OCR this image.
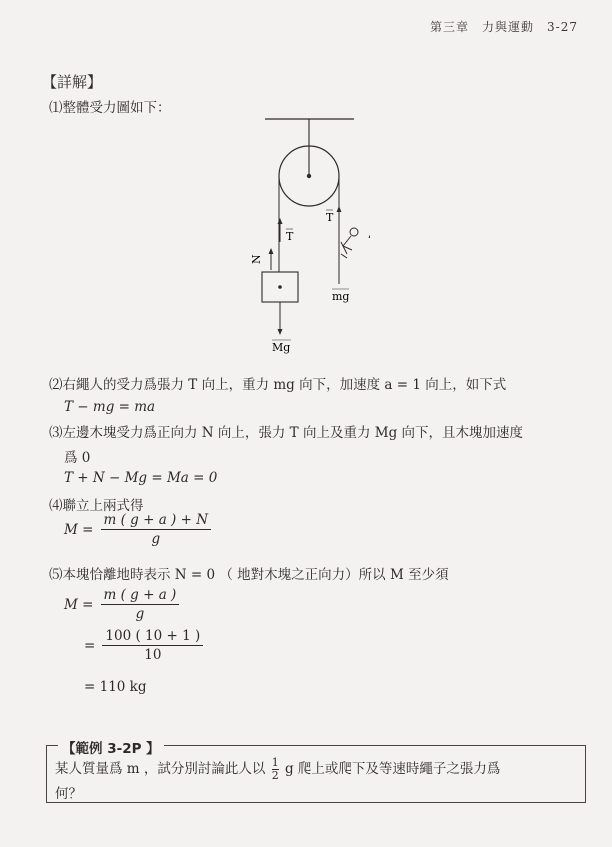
第三章　力與運動　3-27
【詳解】
⑴整體受力圖如下：
T
N
T
mg
Mg
⑵右繩人的受力爲張力 T 向上，重力 mg 向下，加速度 a = 1 向上，如下式
T − mg = ma
⑶左邊木塊受力爲正向力 N 向上，張力 T 向上及重力 Mg 向下，且木塊加速度
爲 0
T + N − Mg = Ma = 0
⑷聯立上兩式得
$M = \frac{m ( g + a ) + N}{g}$
⑸本塊恰離地時表示 N = 0 （ 地對木塊之正向力）所以 M 至少須
$M = \frac{m ( g + a )}{g}$
= $\frac{100 ( 10 + 1 )}{10}$
= 110 kg
【範例 3-2P 】
某人質量爲 m ，試分別討論此人以 $\frac{1}{2}$ g 爬上或爬下及等速時繩子之張力爲
何？
